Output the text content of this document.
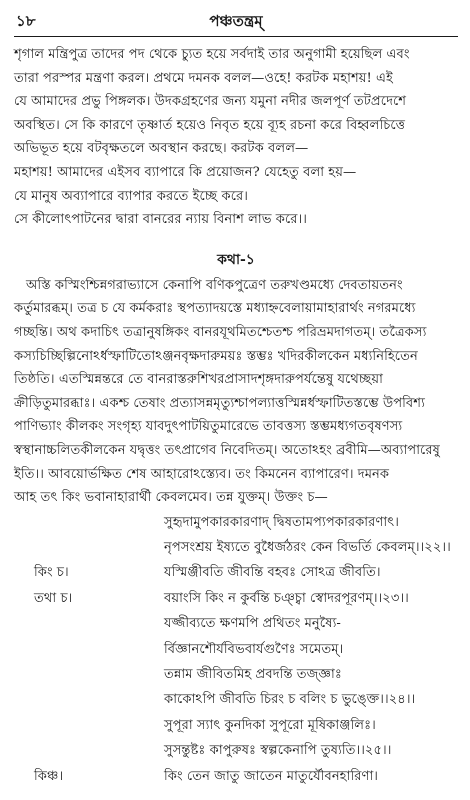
১৮	পঞ্চতন্ত্রম্

শৃগাল মন্ত্রিপুত্র তাদের পদ থেকে চ্যুত হয়ে সর্বদাই তার অনুগামী হয়েছিল এবং

তারা পরস্পর মন্ত্রণা করল। প্রথমে দমনক বলল—ওহে! করটক মহাশয়! এই

যে আমাদের প্রভু পিঙ্গলক। উদকগ্রহণের জন্য যমুনা নদীর জলপূর্ণ তটপ্রদেশে

অবস্থিত। সে কি কারণে তৃষ্ণার্ত হয়েও নিবৃত হয়ে ব্যূহ রচনা করে বিহ্বলচিত্তে

অভিভূত হয়ে বটবৃক্ষতলে অবস্থান করছে। করটক বলল—

মহাশয়! আমাদের এইসব ব্যাপারে কি প্রয়োজন? যেহেতু বলা হয়—

যে মানুষ অব্যাপারে ব্যাপার করতে ইচ্ছে করে।

সে কীলোৎপাটনের দ্বারা বানরের ন্যায় বিনাশ লাভ করে।।

কথা-১

অস্তি কস্মিংশ্চিন্নগরাভ্যাসে কেনাপি বণিকপুত্রেণ তরুখণ্ডমধ্যে দেবতায়তনং

কর্তুমারব্ধম্। তত্র চ যে কর্মকরাঃ স্থপত্যাদয়স্তে মধ্যাহ্নবেলায়ামাহারার্থং নগরমধ্যে

গচ্ছন্তি। অথ কদাচিৎ তত্রানুষঙ্গিকং বানরযূথমিতশ্চেতশ্চ পরিভ্রমদাগতম্। তত্রৈকস্য

কস্যচিচ্ছিল্পিনোঽর্ধস্ফাটিতোঽঞ্জনবৃক্ষদারুময়ঃ স্তম্ভঃ খদিরকীলকেন মধ্যনিহিতেন

তিষ্ঠতি। এতস্মিন্নন্তরে তে বানরাস্তরুশিখরপ্রাসাদশৃঙ্গদারুপর্যন্তেষু যথেচ্ছয়া

ক্রীড়িতুমারব্ধাঃ। একশ্চ তেষাং প্রত্যাসন্নমৃত্যুশ্চাপল্যাত্তস্মিন্নর্ধস্ফাটিতস্তম্ভে উপবিশ্য

পাণিভ্যাং কীলকং সংগৃহ্য যাবদুৎপাটয়িতুমারেভে তাবত্তস্য স্তম্ভমধ্যগতবৃষণস্য

স্বস্থানাচ্চলিতকীলকেন যদ্বৃত্তং তৎপ্রাগেব নিবেদিতম্। অতোঽহং ব্রবীমি—অব্যাপারেষু

ইতি।। আবয়োর্ভক্ষিত শেষ আহারোঽস্ত্যেব। তং কিমনেন ব্যাপারেণ। দমনক

আহ তৎ কিং ভবানাহারার্থী কেবলমেব। তন্ন যুক্তম্। উক্তং চ—

সুহৃদামুপকারকারণাদ্ দ্বিষতামপ্যপকারকারণাৎ।
নৃপসংশ্রয় ইষ্যতে বুধৈর্জঠরং কেন বিভর্তি কেবলম্।।২২।।
কিং চ।	যস্মিঞ্জীবতি জীবন্তি বহবঃ সোঽত্র জীবতি।
তথা চ।	বয়াংসি কিং ন কুর্বন্তি চঞ্চ্বা স্বোদরপূরণম্।।২৩।।
যজ্জীব্যতে ক্ষণমপি প্রথিতং মনুষ্যৈ-
র্বিজ্ঞানশৌর্যবিভবার্যগুণৈঃ সমেতম্।
তন্নাম জীবিতমিহ প্রবদন্তি তজ্জ্ঞাঃ
কাকোঽপি জীবতি চিরং চ বলিং চ ভুঙ্ক্তে।।২৪।।
সুপূরা স্যাৎ কুনদিকা সুপূরো মূষিকাঞ্জলিঃ।
সুসন্তুষ্টঃ কাপুরুষঃ স্বল্পকেনাপি তুষ্যতি।।২৫।।
কিঞ্চ।	কিং তেন জাতু জাতেন মাতুর্যৌবনহারিণা।
